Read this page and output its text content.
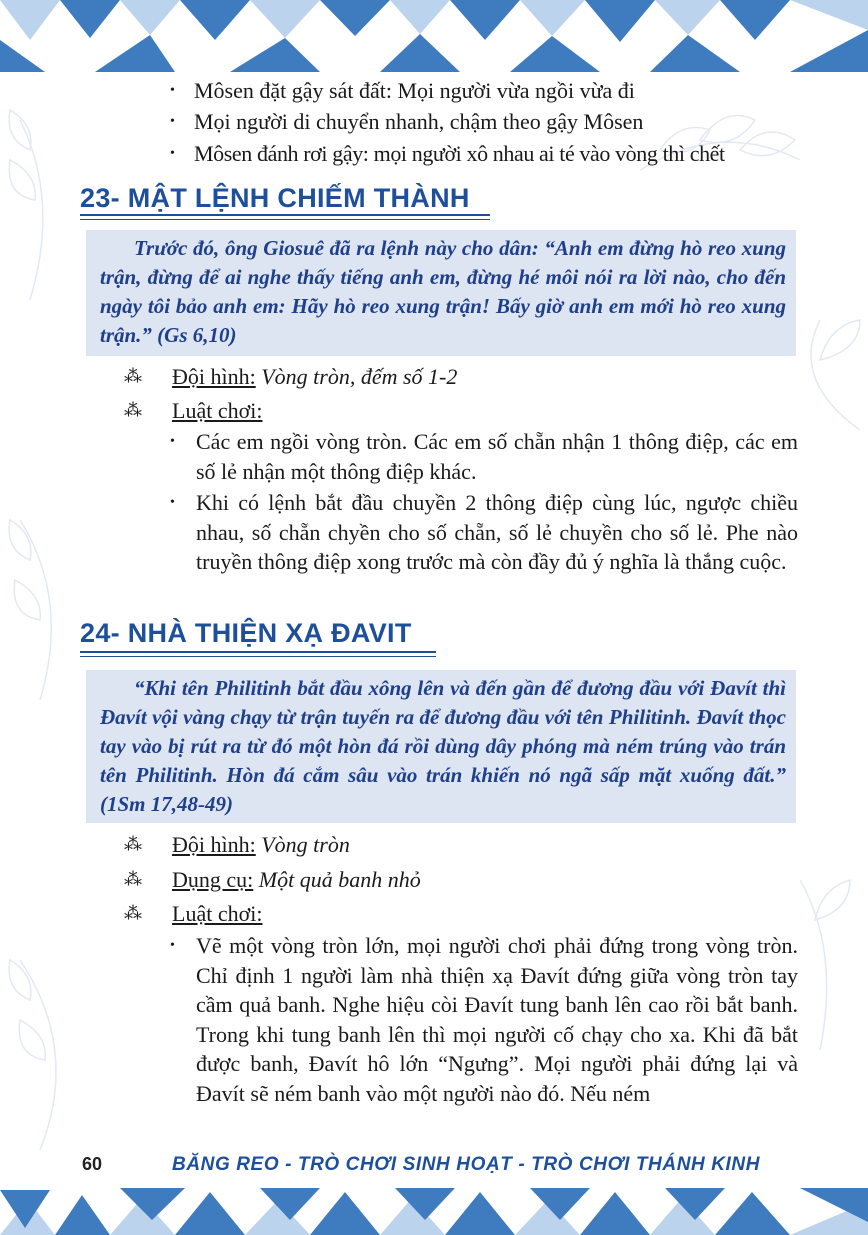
• Môsen đặt gậy sát đất: Mọi người vừa ngồi vừa đi
• Mọi người di chuyển nhanh, chậm theo gậy Môsen
• Môsen đánh rơi gậy: mọi người xô nhau ai té vào vòng thì chết
23- MẬT LỆNH CHIẾM THÀNH
Trước đó, ông Giosuê đã ra lệnh này cho dân: “Anh em đừng hò reo xung trận, đừng để ai nghe thấy tiếng anh em, đừng hé môi nói ra lời nào, cho đến ngày tôi bảo anh em: Hãy hò reo xung trận! Bấy giờ anh em mới hò reo xung trận.” (Gs 6,10)
⁂ Đội hình: Vòng tròn, đếm số 1-2
⁂ Luật chơi:
• Các em ngồi vòng tròn. Các em số chẵn nhận 1 thông điệp, các em số lẻ nhận một thông điệp khác.
• Khi có lệnh bắt đầu chuyền 2 thông điệp cùng lúc, ngược chiều nhau, số chẵn chyền cho số chẵn, số lẻ chuyền cho số lẻ. Phe nào truyền thông điệp xong trước mà còn đầy đủ ý nghĩa là thắng cuộc.
24- NHÀ THIỆN XẠ ĐAVIT
“Khi tên Philitinh bắt đầu xông lên và đến gần để đương đầu với Đavít thì Đavít vội vàng chạy từ trận tuyến ra để đương đầu với tên Philitinh. Đavít thọc tay vào bị rút ra từ đó một hòn đá rồi dùng dây phóng mà ném trúng vào trán tên Philitinh. Hòn đá cắm sâu vào trán khiến nó ngã sấp mặt xuống đất.” (1Sm 17,48-49)
⁂ Đội hình: Vòng tròn
⁂ Dụng cụ: Một quả banh nhỏ
⁂ Luật chơi:
• Vẽ một vòng tròn lớn, mọi người chơi phải đứng trong vòng tròn. Chỉ định 1 người làm nhà thiện xạ Đavít đứng giữa vòng tròn tay cầm quả banh. Nghe hiệu còi Đavít tung banh lên cao rồi bắt banh. Trong khi tung banh lên thì mọi người cố chạy cho xa. Khi đã bắt được banh, Đavít hô lớn “Ngưng”. Mọi người phải đứng lại và Đavít sẽ ném banh vào một người nào đó. Nếu ném
60	BĂNG REO - TRÒ CHƠI SINH HOẠT - TRÒ CHƠI THÁNH KINH
